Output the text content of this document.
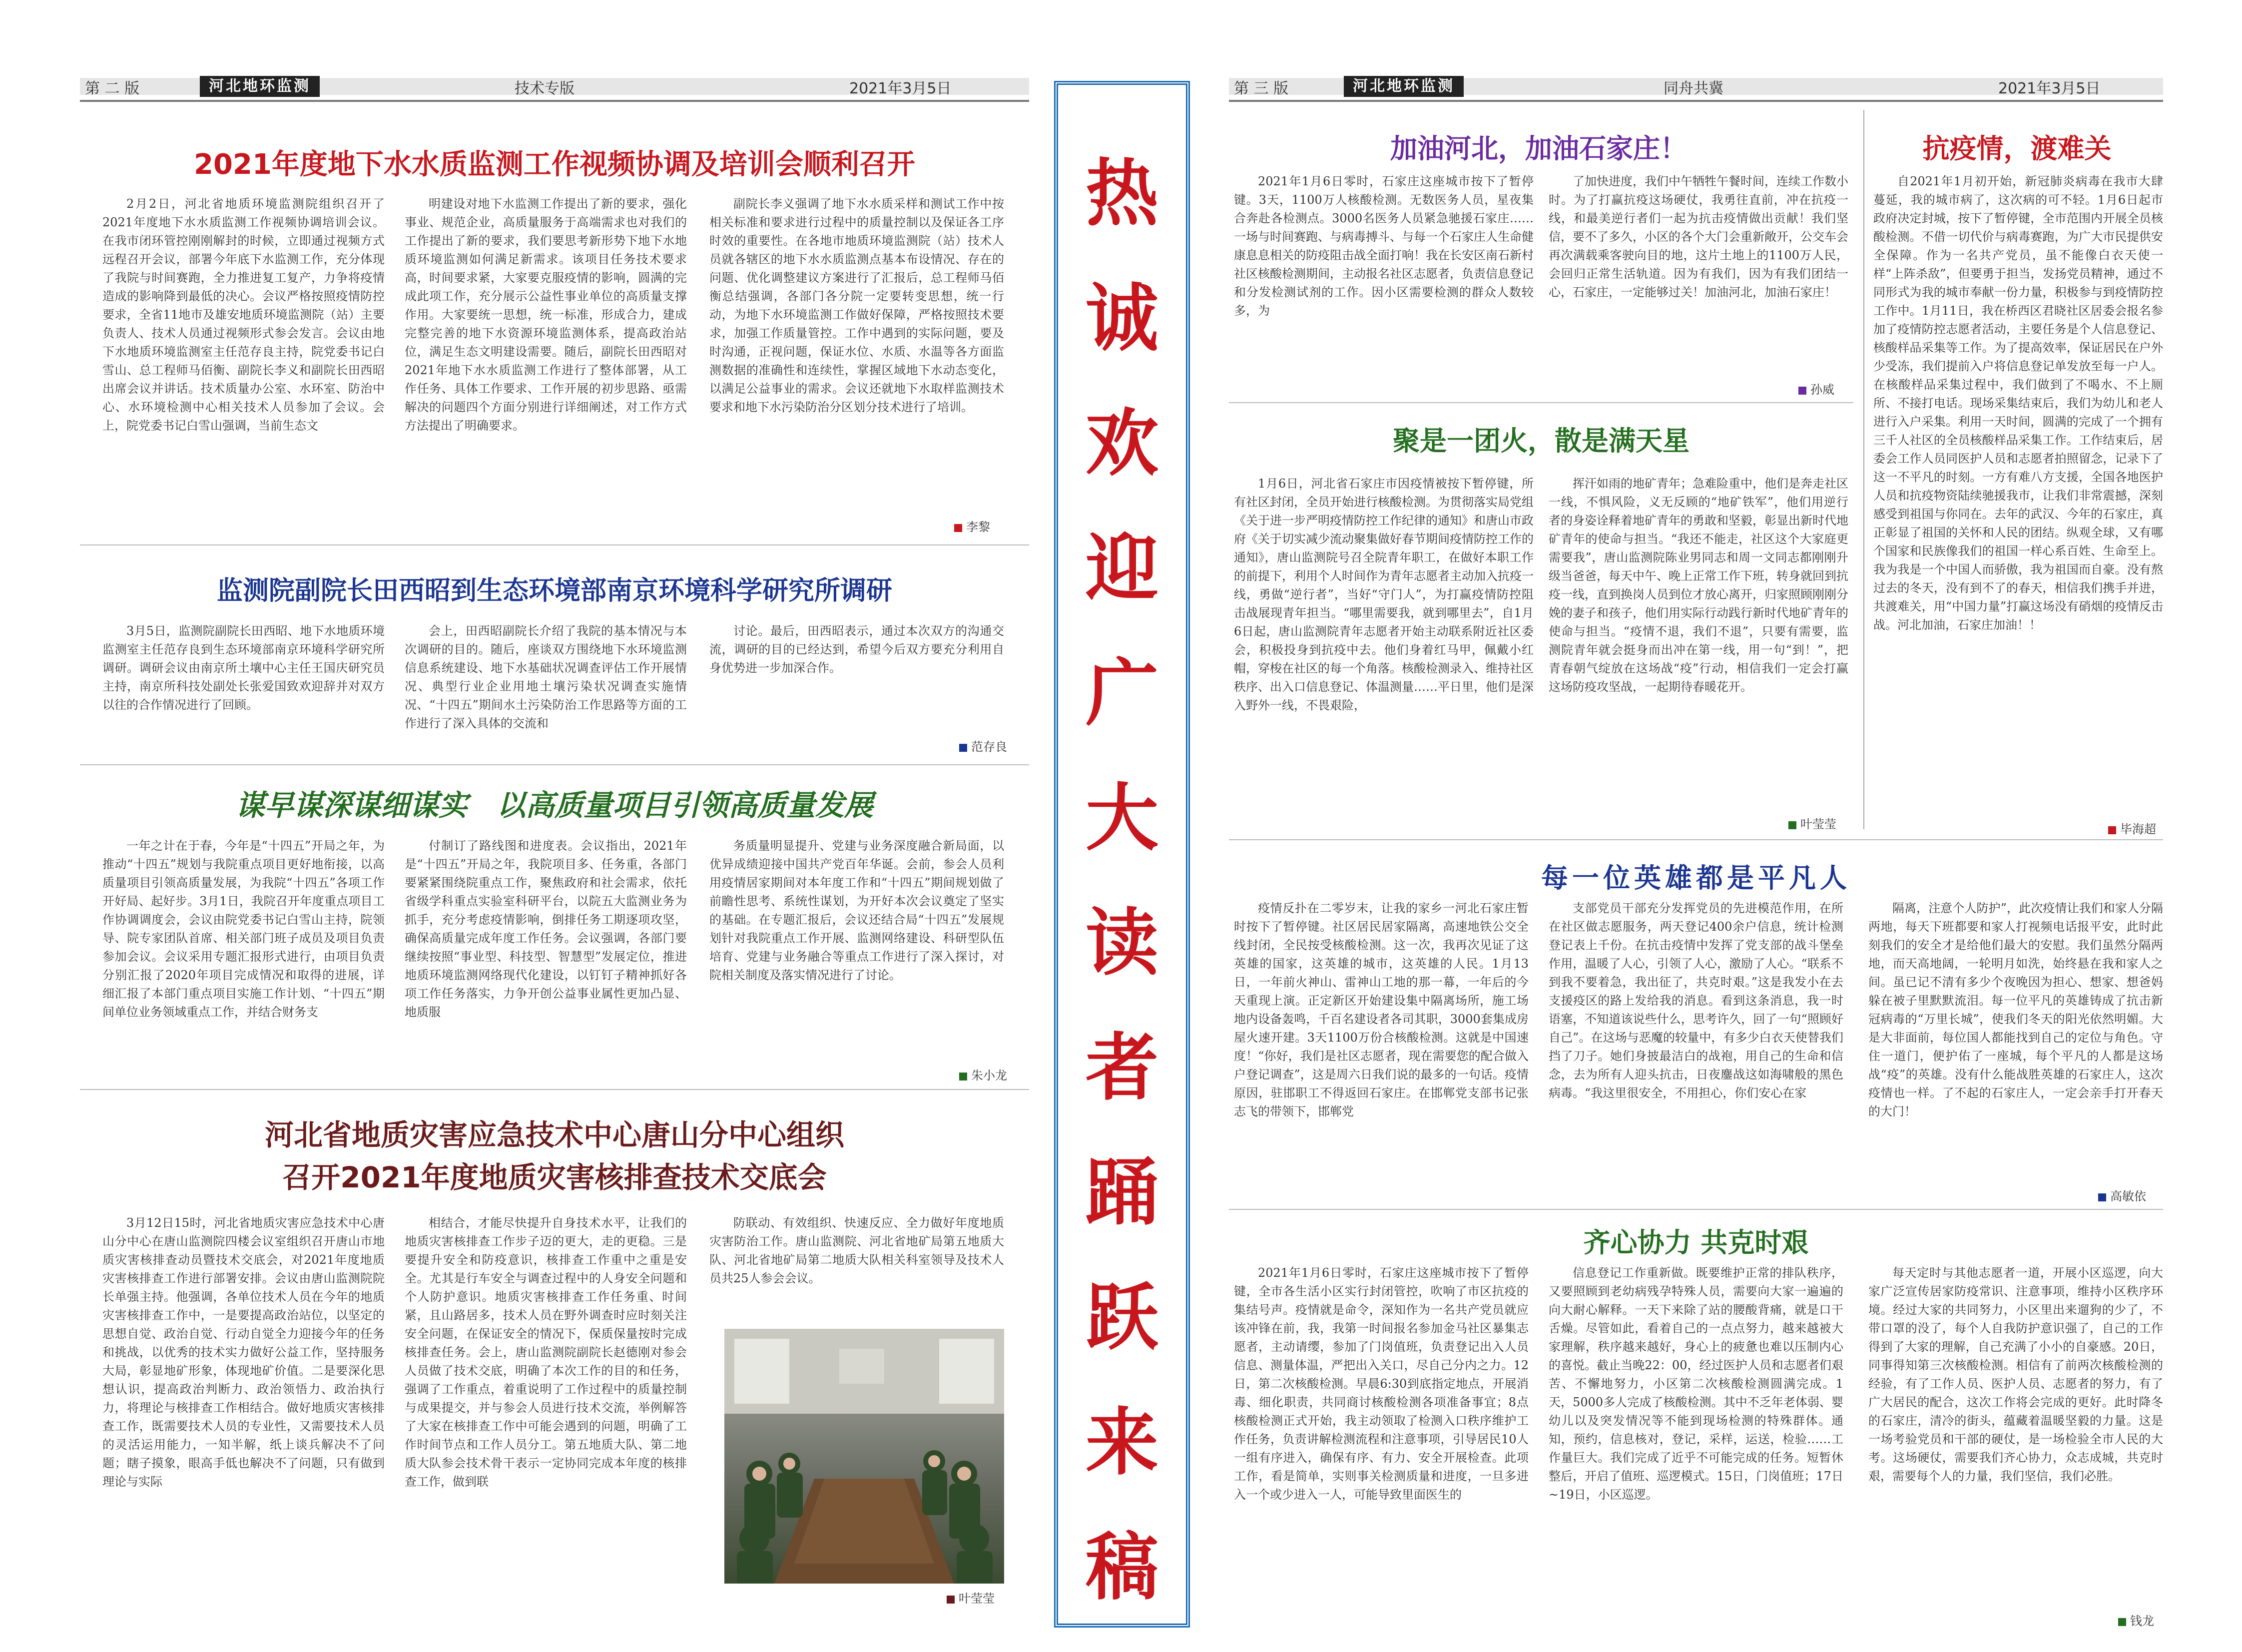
第 二 版	河北地环监测	技术专版	2021年3月5日	第 三 版	河北地环监测	同舟共冀	2021年3月5日
热
诚
欢
迎
广
大
读
者
踊
跃
来
稿
2021年度地下水水质监测工作视频协调及培训会顺利召开
2月2日，河北省地质环境监测院组织召开了2021年度地下水水质监测工作视频协调培训会议。在我市闭环管控刚刚解封的时候，立即通过视频方式远程召开会议，部署今年底下水监测工作，充分体现了我院与时间赛跑，全力推进复工复产，力争将疫情造成的影响降到最低的决心。会议严格按照疫情防控要求，全省11地市及雄安地质环境监测院（站）主要负责人、技术人员通过视频形式参会发言。会议由地下水地质环境监测室主任范存良主持，院党委书记白雪山、总工程师马佰衡、副院长李义和副院长田西昭出席会议并讲话。技术质量办公室、水环室、防治中心、水环境检测中心相关技术人员参加了会议。会上，院党委书记白雪山强调，当前生态文
明建设对地下水监测工作提出了新的要求，强化事业、规范企业，高质量服务于高端需求也对我们的工作提出了新的要求，我们要思考新形势下地下水地质环境监测如何满足新需求。该项目任务技术要求高，时间要求紧，大家要克服疫情的影响，圆满的完成此项工作，充分展示公益性事业单位的高质量支撑作用。大家要统一思想，统一标准，形成合力，建成完整完善的地下水资源环境监测体系，提高政治站位，满足生态文明建设需要。随后，副院长田西昭对2021年地下水水质监测工作进行了整体部署，从工作任务、具体工作要求、工作开展的初步思路、亟需解决的问题四个方面分别进行详细阐述，对工作方式方法提出了明确要求。
副院长李义强调了地下水水质采样和测试工作中按相关标准和要求进行过程中的质量控制以及保证各工序时效的重要性。在各地市地质环境监测院（站）技术人员就各辖区的地下水水质监测点基本布设情况、存在的问题、优化调整建议方案进行了汇报后，总工程师马佰衡总结强调，各部门各分院一定要转变思想，统一行动，为地下水环境监测工作做好保障，严格按照技术要求，加强工作质量管控。工作中遇到的实际问题，要及时沟通，正视问题，保证水位、水质、水温等各方面监测数据的准确性和连续性，掌握区域地下水动态变化，以满足公益事业的需求。会议还就地下水取样监测技术要求和地下水污染防治分区划分技术进行了培训。
李黎
监测院副院长田西昭到生态环境部南京环境科学研究所调研
3月5日，监测院副院长田西昭、地下水地质环境监测室主任范存良到生态环境部南京环境科学研究所调研。调研会议由南京所土壤中心主任王国庆研究员主持，南京所科技处副处长张爱国致欢迎辞并对双方以往的合作情况进行了回顾。
会上，田西昭副院长介绍了我院的基本情况与本次调研的目的。随后，座谈双方围绕地下水环境监测信息系统建设、地下水基础状况调查评估工作开展情况、典型行业企业用地土壤污染状况调查实施情况、“十四五”期间水土污染防治工作思路等方面的工作进行了深入具体的交流和
讨论。最后，田西昭表示，通过本次双方的沟通交流，调研的目的已经达到，希望今后双方要充分利用自身优势进一步加深合作。
范存良
谋早谋深谋细谋实　以高质量项目引领高质量发展
一年之计在于春，今年是“十四五”开局之年，为推动“十四五”规划与我院重点项目更好地衔接，以高质量项目引领高质量发展，为我院“十四五”各项工作开好局、起好步。3月1日，我院召开年度重点项目工作协调调度会，会议由院党委书记白雪山主持，院领导、院专家团队首席、相关部门班子成员及项目负责参加会议。会议采用专题汇报形式进行，由项目负责分别汇报了2020年项目完成情况和取得的进展，详细汇报了本部门重点项目实施工作计划、“十四五”期间单位业务领域重点工作，并结合财务支
付制订了路线图和进度表。会议指出，2021年是“十四五”开局之年，我院项目多、任务重，各部门要紧紧围绕院重点工作，聚焦政府和社会需求，依托省级学科重点实验室科研平台，以院五大监测业务为抓手，充分考虑疫情影响，倒排任务工期逐项攻坚，确保高质量完成年度工作任务。会议强调，各部门要继续按照“事业型、科技型、智慧型”发展定位，推进地质环境监测网络现代化建设，以钉钉子精神抓好各项工作任务落实，力争开创公益事业属性更加凸显、地质服
务质量明显提升、党建与业务深度融合新局面，以优异成绩迎接中国共产党百年华诞。会前，参会人员利用疫情居家期间对本年度工作和“十四五”期间规划做了前瞻性思考、系统性谋划，为开好本次会议奠定了坚实的基础。在专题汇报后，会议还结合局“十四五”发展规划针对我院重点工作开展、监测网络建设、科研型队伍培育、党建与业务融合等重点工作进行了深入探讨，对院相关制度及落实情况进行了讨论。
朱小龙
河北省地质灾害应急技术中心唐山分中心组织
召开2021年度地质灾害核排查技术交底会
3月12日15时，河北省地质灾害应急技术中心唐山分中心在唐山监测院四楼会议室组织召开唐山市地质灾害核排查动员暨技术交底会，对2021年度地质灾害核排查工作进行部署安排。会议由唐山监测院院长单强主持。他强调，各单位技术人员在今年的地质灾害核排查工作中，一是要提高政治站位，以坚定的思想自觉、政治自觉、行动自觉全力迎接今年的任务和挑战，以优秀的技术实力做好公益工作，坚持服务大局，彰显地矿形象，体现地矿价值。二是要深化思想认识，提高政治判断力、政治领悟力、政治执行力，将理论与核排查工作相结合。做好地质灾害核排查工作，既需要技术人员的专业性，又需要技术人员的灵活运用能力，一知半解，纸上谈兵解决不了问题；瞎子摸象，眼高手低也解决不了问题，只有做到理论与实际
相结合，才能尽快提升自身技术水平，让我们的地质灾害核排查工作步子迈的更大，走的更稳。三是要提升安全和防疫意识，核排查工作重中之重是安全。尤其是行车安全与调查过程中的人身安全问题和个人防护意识。地质灾害核排查工作任务重、时间紧，且山路居多，技术人员在野外调查时应时刻关注安全问题，在保证安全的情况下，保质保量按时完成核排查任务。会上，唐山监测院副院长赵德刚对参会人员做了技术交底，明确了本次工作的目的和任务，强调了工作重点，着重说明了工作过程中的质量控制与成果提交，并与参会人员进行技术交流，举例解答了大家在核排查工作中可能会遇到的问题，明确了工作时间节点和工作人员分工。第五地质大队、第二地质大队参会技术骨干表示一定协同完成本年度的核排查工作，做到联
防联动、有效组织、快速反应、全力做好年度地质灾害防治工作。唐山监测院、河北省地矿局第五地质大队、河北省地矿局第二地质大队相关科室领导及技术人员共25人参会会议。
叶莹莹
加油河北，加油石家庄！
2021年1月6日零时，石家庄这座城市按下了暂停键。3天，1100万人核酸检测。无数医务人员，星夜集合奔赴各检测点。3000名医务人员紧急驰援石家庄……一场与时间赛跑、与病毒搏斗、与每一个石家庄人生命健康息息相关的防疫阻击战全面打响！我在长安区南石新村社区核酸检测期间，主动报名社区志愿者，负责信息登记和分发检测试剂的工作。因小区需要检测的群众人数较多，为
了加快进度，我们中午牺牲午餐时间，连续工作数小时。为了打赢抗疫这场硬仗，我勇往直前，冲在抗疫一线，和最美逆行者们一起为抗击疫情做出贡献！我们坚信，要不了多久，小区的各个大门会重新敞开，公交车会再次满载乘客驶向目的地，这片土地上的1100万人民，会回归正常生活轨道。因为有我们，因为有我们团结一心，石家庄，一定能够过关！加油河北，加油石家庄！
孙威
抗疫情，渡难关
自2021年1月初开始，新冠肺炎病毒在我市大肆蔓延，我的城市病了，这次病的可不轻。1月6日起市政府决定封城，按下了暂停键，全市范围内开展全员核酸检测。不借一切代价与病毒赛跑，为广大市民提供安全保障。作为一名共产党员，虽不能像白衣天使一样“上阵杀敌”，但要勇于担当，发扬党员精神，通过不同形式为我的城市奉献一份力量，积极参与到疫情防控工作中。1月11日，我在桥西区君晓社区居委会报名参加了疫情防控志愿者活动，主要任务是个人信息登记、核酸样品采集等工作。为了提高效率，保证居民在户外少受冻，我们提前入户将信息登记单发放至每一户人。在核酸样品采集过程中，我们做到了不喝水、不上厕所、不接打电话。现场采集结束后，我们为幼儿和老人进行入户采集。利用一天时间，圆满的完成了一个拥有三千人社区的全员核酸样品采集工作。工作结束后，居委会工作人员同医护人员和志愿者拍照留念，记录下了这一不平凡的时刻。一方有难八方支援，全国各地医护人员和抗疫物资陆续驰援我市，让我们非常震撼，深刻感受到祖国与你同在。去年的武汉、今年的石家庄，真正彰显了祖国的关怀和人民的团结。纵观全球，又有哪个国家和民族像我们的祖国一样心系百姓、生命至上。我为我是一个中国人而骄傲，我为祖国而自豪。没有熬过去的冬天，没有到不了的春天，相信我们携手并进，共渡难关，用“中国力量”打赢这场没有硝烟的疫情反击战。河北加油，石家庄加油！！
毕海超
聚是一团火，散是满天星
1月6日，河北省石家庄市因疫情被按下暂停键，所有社区封闭，全员开始进行核酸检测。为贯彻落实局党组《关于进一步严明疫情防控工作纪律的通知》和唐山市政府《关于切实减少流动聚集做好春节期间疫情防控工作的通知》，唐山监测院号召全院青年职工，在做好本职工作的前提下，利用个人时间作为青年志愿者主动加入抗疫一线，勇做“逆行者”，当好“守门人”，为打赢疫情防控阻击战展现青年担当。“哪里需要我，就到哪里去”，自1月6日起，唐山监测院青年志愿者开始主动联系附近社区委会，积极投身到抗疫中去。他们身着红马甲，佩戴小红帽，穿梭在社区的每一个角落。核酸检测录入、维持社区秩序、出入口信息登记、体温测量……平日里，他们是深入野外一线，不畏艰险，
挥汗如雨的地矿青年；急难险重中，他们是奔走社区一线，不惧风险，义无反顾的“地矿铁军”，他们用逆行者的身姿诠释着地矿青年的勇敢和坚毅，彰显出新时代地矿青年的使命与担当。“我还不能走，社区这个大家庭更需要我”，唐山监测院陈业男同志和周一文同志都刚刚升级当爸爸，每天中午、晚上正常工作下班，转身就回到抗疫一线，直到换岗人员到位才放心离开，归家照顾刚刚分娩的妻子和孩子，他们用实际行动践行新时代地矿青年的使命与担当。“疫情不退，我们不退”，只要有需要，监测院青年就会挺身而出冲在第一线，用一句“到！”，把青春朝气绽放在这场战“疫”行动，相信我们一定会打赢这场防疫攻坚战，一起期待春暖花开。
叶莹莹
每一位英雄都是平凡人
疫情反扑在二零岁末，让我的家乡一河北石家庄暂时按下了暂停键。社区居民居家隔离，高速地铁公交全线封闭，全民按受核酸检测。这一次，我再次见证了这英雄的国家，这英雄的城市，这英雄的人民。1月13日，一年前火神山、雷神山工地的那一幕，一年后的今天重现上演。正定新区开始建设集中隔离场所，施工场地内设备轰鸣，千百名建设者各司其职，3000套集成房屋火速开建。3天1100万份合核酸检测。这就是中国速度！“你好，我们是社区志愿者，现在需要您的配合做入户登记调查”，这是周六日我们说的最多的一句话。疫情原因，驻邯职工不得返回石家庄。在邯郸党支部书记张志飞的带领下，邯郸党
支部党员干部充分发挥党员的先进模范作用，在所在社区做志愿服务，两天登记400余户信息，统计检测登记表上千份。在抗击疫情中发挥了党支部的战斗堡垒作用，温暖了人心，引领了人心，激励了人心。“联系不到我不要着急，我出征了，共克时艰。”这是我发小在去支援疫区的路上发给我的消息。看到这条消息，我一时语塞，不知道该说些什么，思考许久，回了一句“照顾好自己”。在这场与恶魔的较量中，有多少白衣天使替我们挡了刀子。她们身披最洁白的战袍，用自己的生命和信念，去为所有人迎头抗击，日夜鏖战这如海啸般的黑色病毒。“我这里很安全，不用担心，你们安心在家
隔离，注意个人防护”，此次疫情让我们和家人分隔两地，每天下班都要和家人打视频电话报平安，此时此刻我们的安全才是给他们最大的安慰。我们虽然分隔两地，而天高地阔，一轮明月如洗，始终悬在我和家人之间。虽已记不清有多少个夜晚因为担心、想家、想爸妈躲在被子里默默流泪。每一位平凡的英雄铸成了抗击新冠病毒的“万里长城”，使我们冬天的阳光依然明媚。大是大非面前，每位国人都能找到自己的定位与角色。守住一道门，便护佑了一座城，每个平凡的人都是这场战“疫”的英雄。没有什么能战胜英雄的石家庄人，这次疫情也一样。了不起的石家庄人，一定会亲手打开春天的大门！
高敏依
齐心协力 共克时艰
2021年1月6日零时，石家庄这座城市按下了暂停键，全市各生活小区实行封闭管控，吹响了市区抗疫的集结号声。疫情就是命令，深知作为一名共产党员就应该冲锋在前，我，我第一时间报名参加金马社区暴集志愿者，主动请缨，参加了门岗值班，负责登记出入人员信息、测量体温，严把出入关口，尽自己分内之力。12日，第二次核酸检测。早晨6:30到底指定地点，开展消毒、细化职责，共同商讨核酸检测各项准备事宜；8点核酸检测正式开始，我主动领取了检测入口秩序维护工作任务，负责讲解检测流程和注意事项，引导居民10人一组有序进入，确保有序、有力、安全开展检查。此项工作，看是简单，实则事关检测质量和进度，一旦多进入一个或少进入一人，可能导致里面医生的
信息登记工作重新做。既要维护正常的排队秩序，又要照顾到老幼病残孕特殊人员，需要向大家一遍遍的向大耐心解释。一天下来除了站的腰酸背痛，就是口干舌燥。尽管如此，看着自己的一点点努力，越来越被大家理解，秩序越来越好，身心上的疲惫也难以压制内心的喜悦。截止当晚22：00，经过医护人员和志愿者们艰苦、不懈地努力，小区第二次核酸检测圆满完成。1天，5000多人完成了核酸检测。其中不乏年老体弱、婴幼儿以及突发情况等不能到现场检测的特殊群体。通知，预约，信息核对，登记，采样，运送，检验……工作量巨大。我们完成了近乎不可能完成的任务。短暂休整后，开启了值班、巡逻模式。15日，门岗值班；17日~19日，小区巡逻。
每天定时与其他志愿者一道，开展小区巡逻，向大家广泛宣传居家防疫常识、注意事项，维持小区秩序环境。经过大家的共同努力，小区里出来遛狗的少了，不带口罩的没了，每个人自我防护意识强了，自己的工作得到了大家的理解，自己充满了小小的自豪感。20日，同事得知第三次核酸检测。相信有了前两次核酸检测的经验，有了工作人员、医护人员、志愿者的努力，有了广大居民的配合，这次工作将会完成的更好。此时降冬的石家庄，清冷的街头，蕴藏着温暖坚毅的力量。这是一场考验党员和干部的硬仗，是一场检验全市人民的大考。这场硬仗，需要我们齐心协力，众志成城，共克时艰，需要每个人的力量，我们坚信，我们必胜。
钱龙
